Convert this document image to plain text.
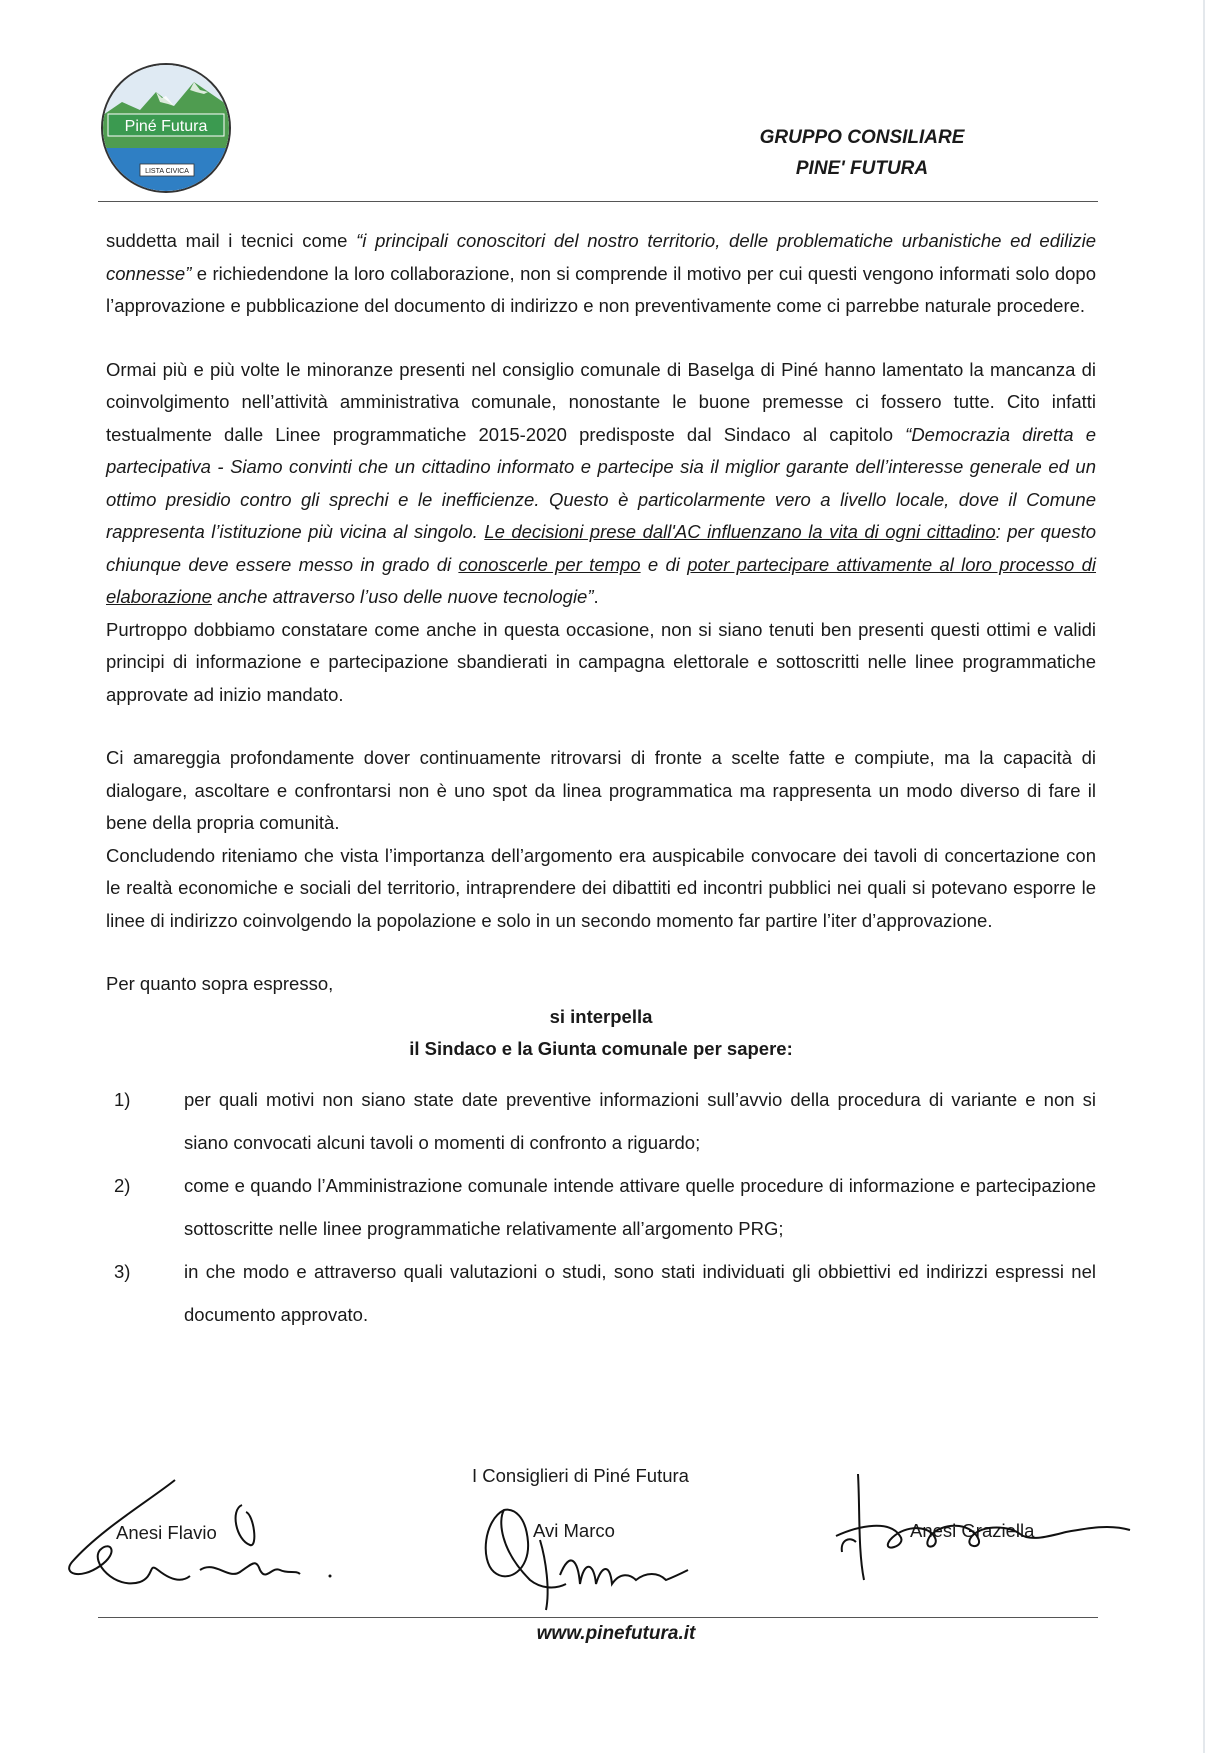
Piné Futura
LISTA CIVICA
GRUPPO CONSILIARE
PINE' FUTURA

suddetta mail i tecnici come “i principali conoscitori del nostro territorio, delle problematiche urbanistiche ed edilizie connesse” e richiedendone la loro collaborazione, non si comprende il motivo per cui questi vengono informati solo dopo l’approvazione e pubblicazione del documento di indirizzo e non preventivamente come ci parrebbe naturale procedere.

Ormai più e più volte le minoranze presenti nel consiglio comunale di Baselga di Piné hanno lamentato la mancanza di coinvolgimento nell’attività amministrativa comunale, nonostante le buone premesse ci fossero tutte. Cito infatti testualmente dalle Linee programmatiche 2015-2020 predisposte dal Sindaco al capitolo “Democrazia diretta e partecipativa - Siamo convinti che un cittadino informato e partecipe sia il miglior garante dell’interesse generale ed un ottimo presidio contro gli sprechi e le inefficienze. Questo è particolarmente vero a livello locale, dove il Comune rappresenta l’istituzione più vicina al singolo. Le decisioni prese dall'AC influenzano la vita di ogni cittadino: per questo chiunque deve essere messo in grado di conoscerle per tempo e di poter partecipare attivamente al loro processo di elaborazione anche attraverso l’uso delle nuove tecnologie”.

Purtroppo dobbiamo constatare come anche in questa occasione, non si siano tenuti ben presenti questi ottimi e validi principi di informazione e partecipazione sbandierati in campagna elettorale e sottoscritti nelle linee programmatiche approvate ad inizio mandato.

Ci amareggia profondamente dover continuamente ritrovarsi di fronte a scelte fatte e compiute, ma la capacità di dialogare, ascoltare e confrontarsi non è uno spot da linea programmatica ma rappresenta un modo diverso di fare il bene della propria comunità.

Concludendo riteniamo che vista l’importanza dell’argomento era auspicabile convocare dei tavoli di concertazione con le realtà economiche e sociali del territorio, intraprendere dei dibattiti ed incontri pubblici nei quali si potevano esporre le linee di indirizzo coinvolgendo la popolazione e solo in un secondo momento far partire l’iter d’approvazione.

Per quanto sopra espresso,

si interpella

il Sindaco e la Giunta comunale per sapere:

1)	per quali motivi non siano state date preventive informazioni sull’avvio della procedura di variante e non si siano convocati alcuni tavoli o momenti di confronto a riguardo;
2)	come e quando l’Amministrazione comunale intende attivare quelle procedure di informazione e partecipazione sottoscritte nelle linee programmatiche relativamente all’argomento PRG;
3)	in che modo e attraverso quali valutazioni o studi, sono stati individuati gli obbiettivi ed indirizzi espressi nel documento approvato.
I Consiglieri di Piné Futura
Anesi Flavio	Avi Marco	Anesi Graziella
www.pinefutura.it
